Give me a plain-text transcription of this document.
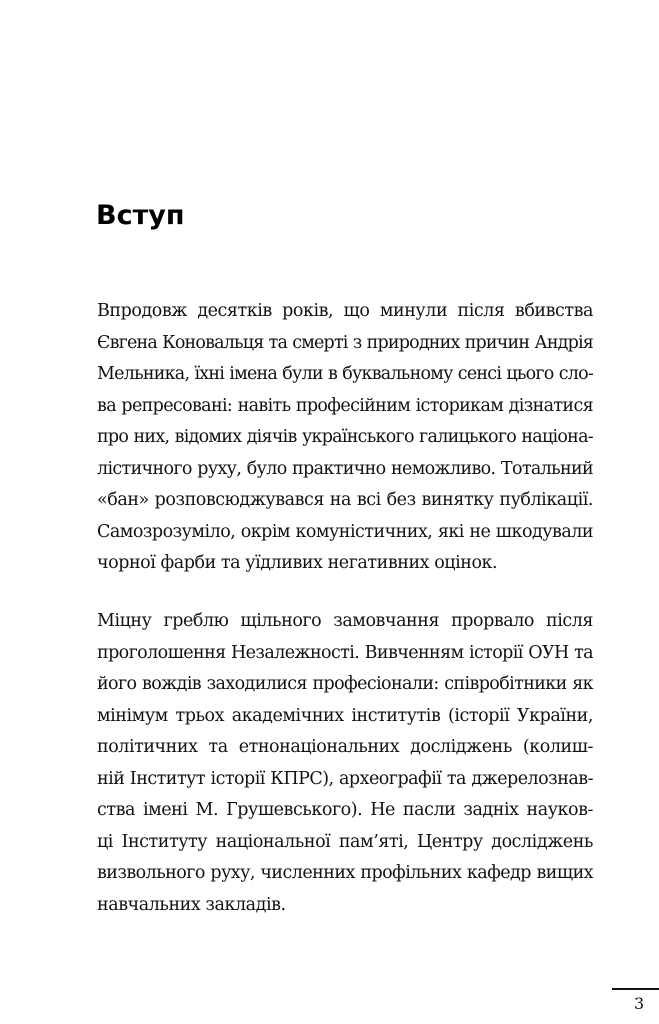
Вступ
Впродовж десятків років, що минули після вбивства
Євгена Коновальця та смерті з природних причин Андрія
Мельника, їхні імена були в буквальному сенсі цього сло-
ва репресовані: навіть професійним історикам дізнатися
про них, відомих діячів українського галицького націона-
лістичного руху, було практично неможливо. Тотальний
«бан» розповсюджувався на всі без винятку публікації.
Самозрозуміло, окрім комуністичних, які не шкодували
чорної фарби та уїдливих негативних оцінок.
Міцну греблю щільного замовчання прорвало після
проголошення Незалежності. Вивченням історії ОУН та
його вождів заходилися професіонали: співробітники як
мінімум трьох академічних інститутів (історії України,
політичних та етнонаціональних досліджень (колиш-
ній Інститут історії КПРС), археографії та джерелознав-
ства імені М. Грушевського). Не пасли задніх науков-
ці Інституту національної пам’яті, Центру досліджень
визвольного руху, численних профільних кафедр вищих
навчальних закладів.
3
